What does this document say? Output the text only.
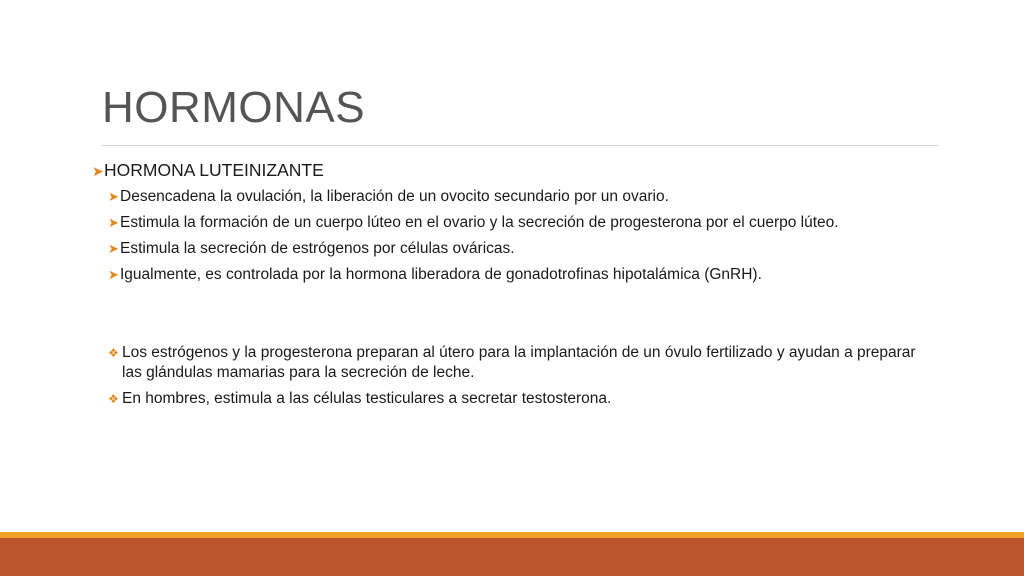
HORMONAS
➤ HORMONA LUTEINIZANTE
➤ Desencadena la ovulación, la liberación de un ovocito secundario por un ovario.
➤ Estimula la formación de un cuerpo lúteo en el ovario y la secreción de progesterona por el cuerpo lúteo.
➤ Estimula la secreción de estrógenos por células ováricas.
➤ Igualmente, es controlada por la hormona liberadora de gonadotrofinas hipotalámica (GnRH).
❖ Los estrógenos y la progesterona preparan al útero para la implantación de un óvulo fertilizado y ayudan a preparar las glándulas mamarias para la secreción de leche.
❖ En hombres, estimula a las células testiculares a secretar testosterona.
